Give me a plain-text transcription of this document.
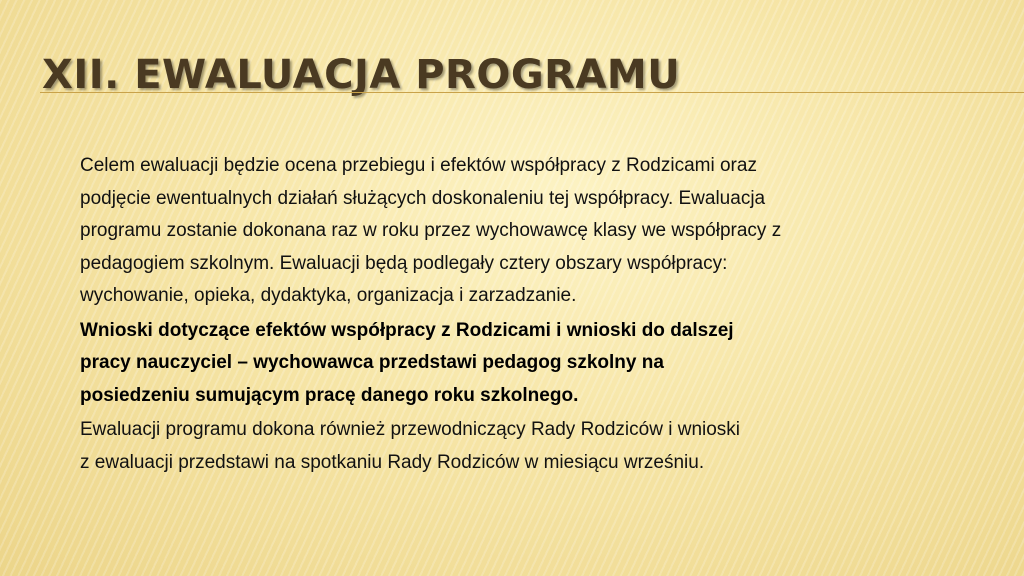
XII. EWALUACJA PROGRAMU

Celem ewaluacji będzie ocena przebiegu i efektów współpracy z Rodzicami oraz
podjęcie ewentualnych działań służących doskonaleniu tej współpracy. Ewaluacja
programu zostanie dokonana raz w roku przez wychowawcę klasy we współpracy z
pedagogiem szkolnym. Ewaluacji będą podlegały cztery obszary współpracy:
wychowanie, opieka, dydaktyka, organizacja i zarzadzanie.

Wnioski dotyczące efektów współpracy z Rodzicami i wnioski do dalszej
pracy nauczyciel – wychowawca przedstawi pedagog szkolny na
posiedzeniu sumującym pracę danego roku szkolnego.

Ewaluacji programu dokona również przewodniczący Rady Rodziców i wnioski
z ewaluacji przedstawi na spotkaniu Rady Rodziców w miesiącu wrześniu.
